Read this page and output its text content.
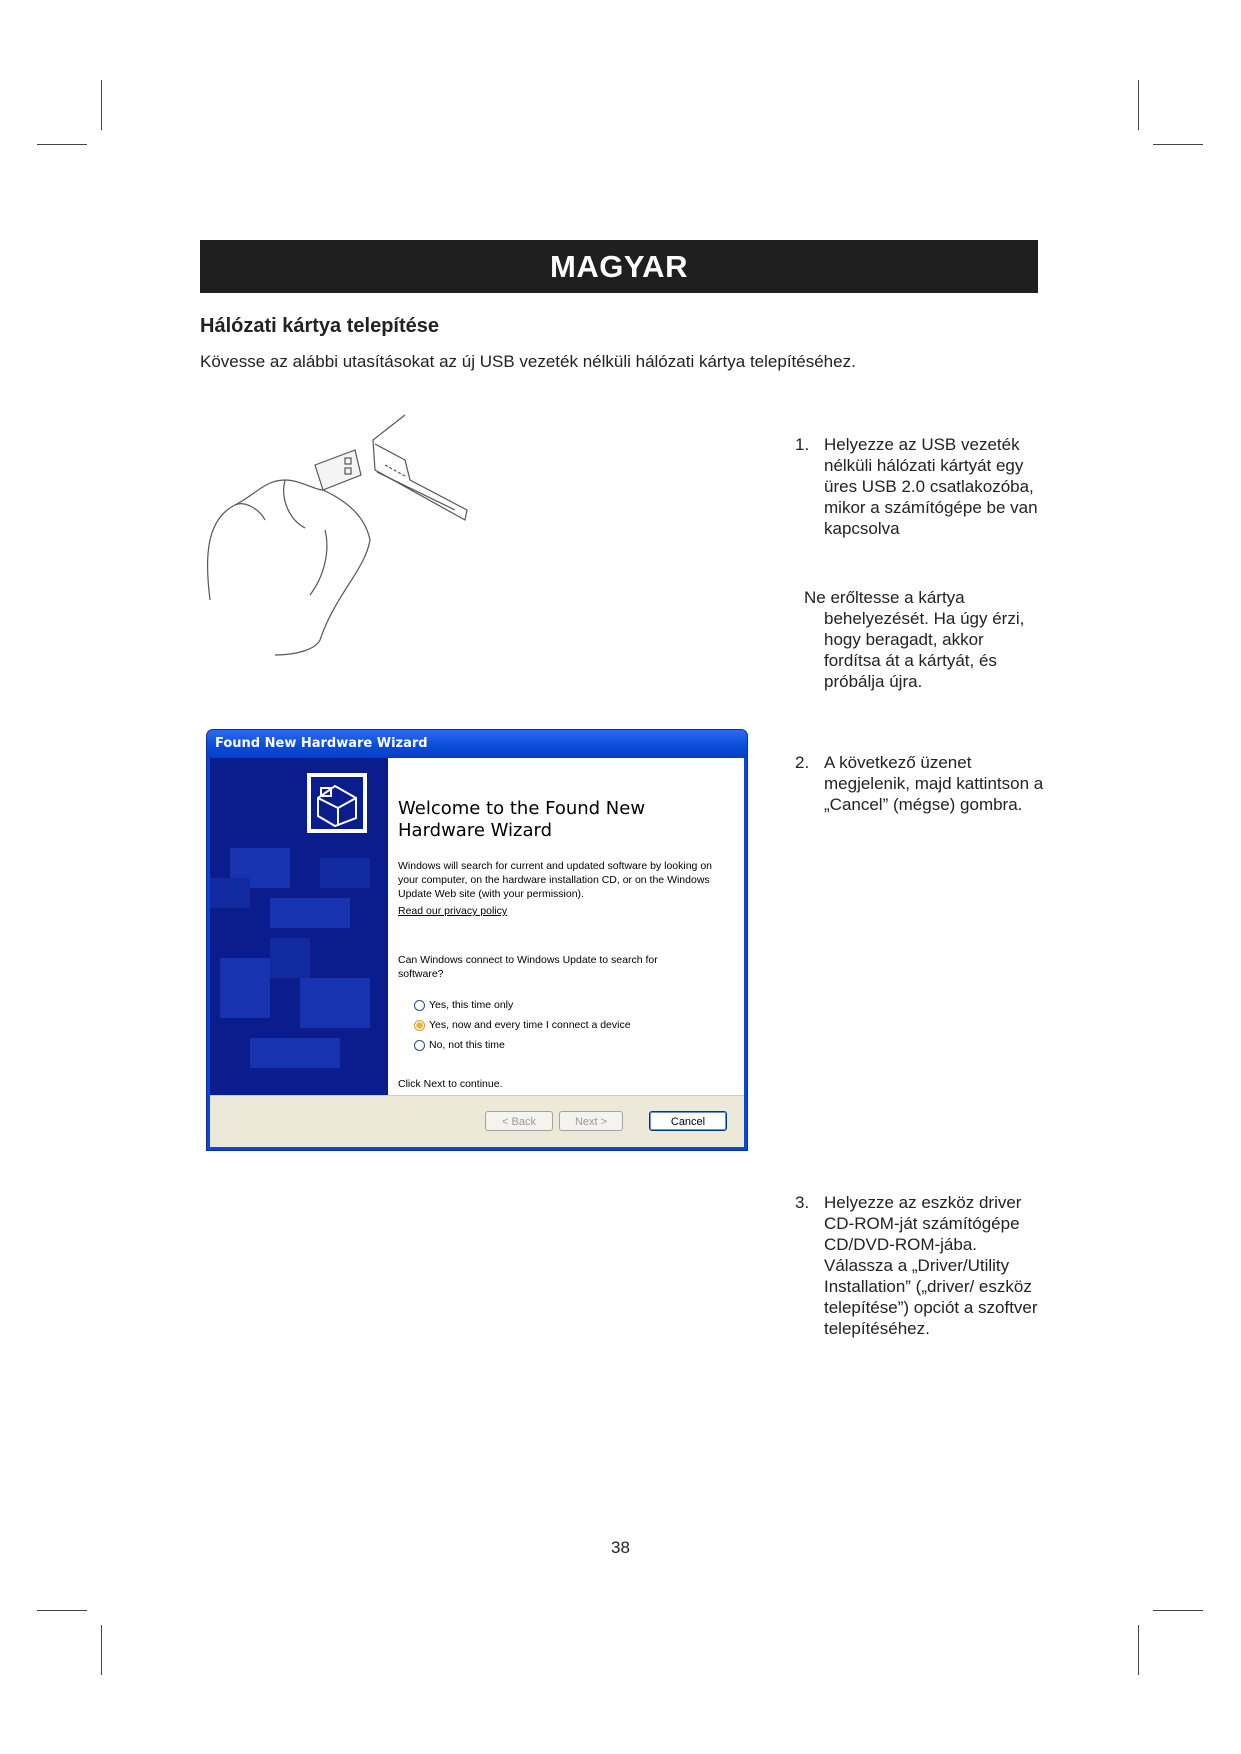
MAGYAR
Hálózati kártya telepítése
Kövesse az alábbi utasításokat az új USB vezeték nélküli hálózati kártya telepítéséhez.
1. Helyezze az USB vezeték nélküli hálózati kártyát egy üres USB 2.0 csatlakozóba, mikor a számítógépe be van kapcsolva
Ne erőltesse a kártya behelyezését. Ha úgy érzi, hogy beragadt, akkor fordítsa át a kártyát, és próbálja újra.
2. A következő üzenet megjelenik, majd kattintson a „Cancel” (mégse) gombra.
3. Helyezze az eszköz driver CD-ROM-ját számítógépe CD/DVD-ROM-jába. Válassza a „Driver/Utility Installation” („driver/ eszköz telepítése”) opciót a szoftver telepítéséhez.
Found New Hardware Wizard
Welcome to the Found New Hardware Wizard
Windows will search for current and updated software by looking on your computer, on the hardware installation CD, or on the Windows Update Web site (with your permission).
Read our privacy policy
Can Windows connect to Windows Update to search for software?
Yes, this time only
Yes, now and every time I connect a device
No, not this time
Click Next to continue.
< Back	Next >	Cancel
38
